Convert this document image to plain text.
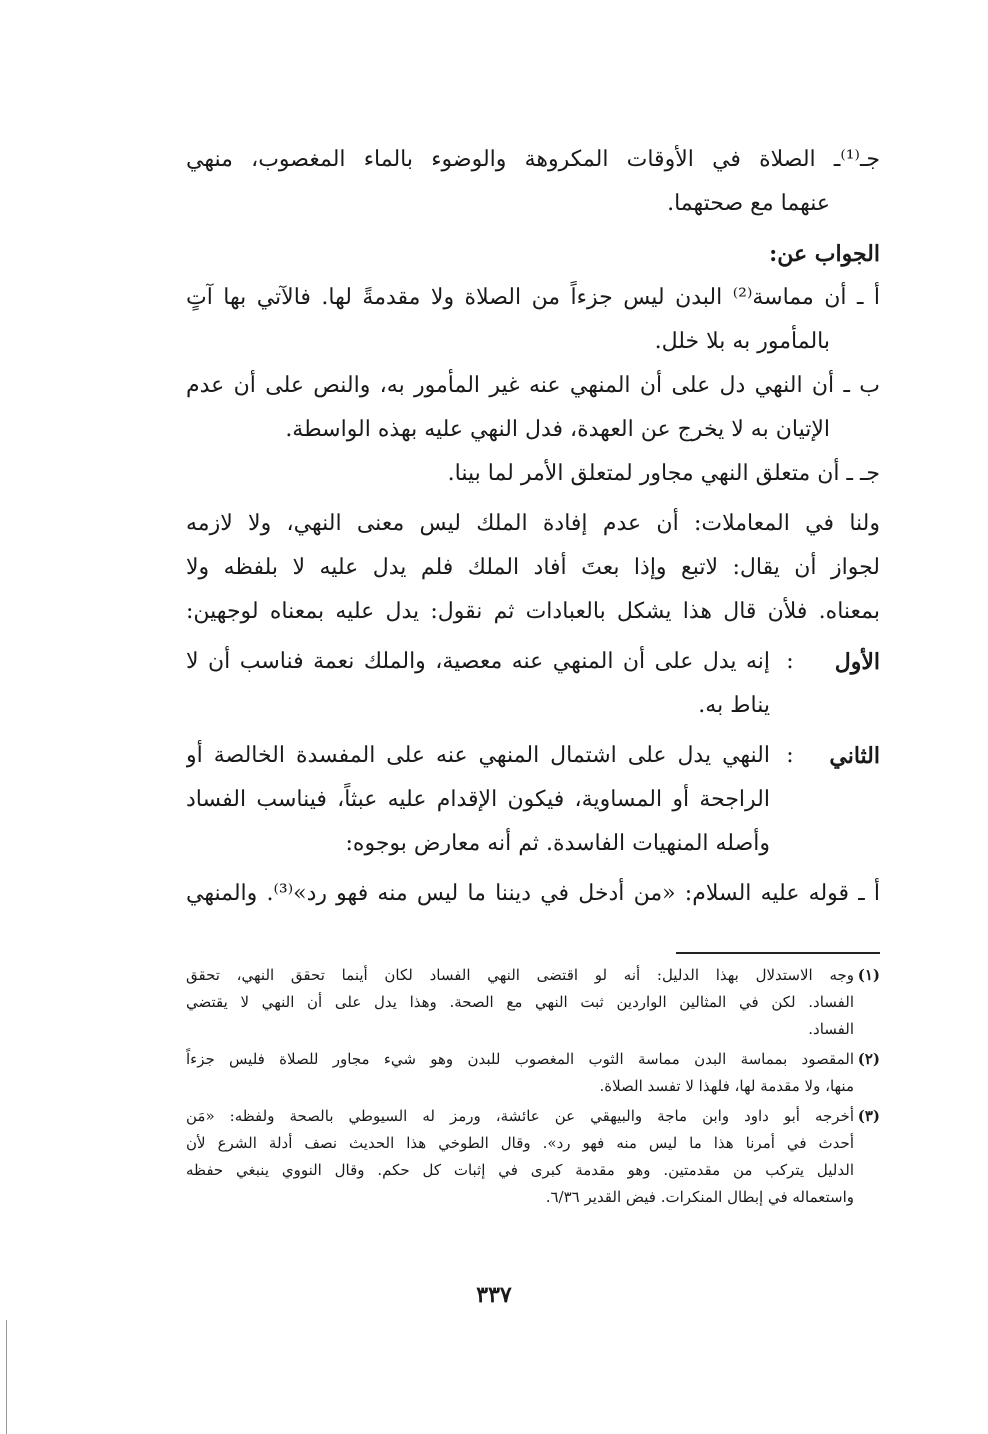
جـ⁽¹⁾ـ الصلاة في الأوقات المكروهة والوضوء بالماء المغصوب، منهي
عنهما مع صحتهما.
الجواب عن:
أ ـ أن مماسة⁽²⁾ البدن ليس جزءاً من الصلاة ولا مقدمةً لها. فالآتي بها آتٍ
بالمأمور به بلا خلل.
ب ـ أن النهي دل على أن المنهي عنه غير المأمور به، والنص على أن عدم
الإتيان به لا يخرج عن العهدة، فدل النهي عليه بهذه الواسطة.
جـ ـ أن متعلق النهي مجاور لمتعلق الأمر لما بينا.
ولنا في المعاملات: أن عدم إفادة الملك ليس معنى النهي، ولا لازمه
لجواز أن يقال: لاتبع وإذا بعتَ أفاد الملك فلم يدل عليه لا بلفظه ولا
بمعناه. فلأن قال هذا يشكل بالعبادات ثم نقول: يدل عليه بمعناه لوجهين:
الأول
:
إنه يدل على أن المنهي عنه معصية، والملك نعمة فناسب أن لا
يناط به.
الثاني
:
النهي يدل على اشتمال المنهي عنه على المفسدة الخالصة أو
الراجحة أو المساوية، فيكون الإقدام عليه عبثاً، فيناسب الفساد
وأصله المنهيات الفاسدة. ثم أنه معارض بوجوه:
أ ـ قوله عليه السلام: «من أدخل في ديننا ما ليس منه فهو رد»⁽³⁾. والمنهي
(١)
وجه الاستدلال بهذا الدليل: أنه لو اقتضى النهي الفساد لكان أينما تحقق النهي، تحقق
الفساد. لكن في المثالين الواردين ثبت النهي مع الصحة. وهذا يدل على أن النهي لا يقتضي
الفساد.
(٢)
المقصود بمماسة البدن مماسة الثوب المغصوب للبدن وهو شيء مجاور للصلاة فليس جزءاً
منها، ولا مقدمة لها، فلهذا لا تفسد الصلاة.
(٣)
أخرجه أبو داود وابن ماجة والبيهقي عن عائشة، ورمز له السيوطي بالصحة ولفظه: «مَن
أحدث في أمرنا هذا ما ليس منه فهو رد». وقال الطوخي هذا الحديث نصف أدلة الشرع لأن
الدليل يتركب من مقدمتين. وهو مقدمة كبرى في إثبات كل حكم. وقال النووي ينبغي حفظه
واستعماله في إبطال المنكرات. فيض القدير ٦/٣٦.
٣٣٧
